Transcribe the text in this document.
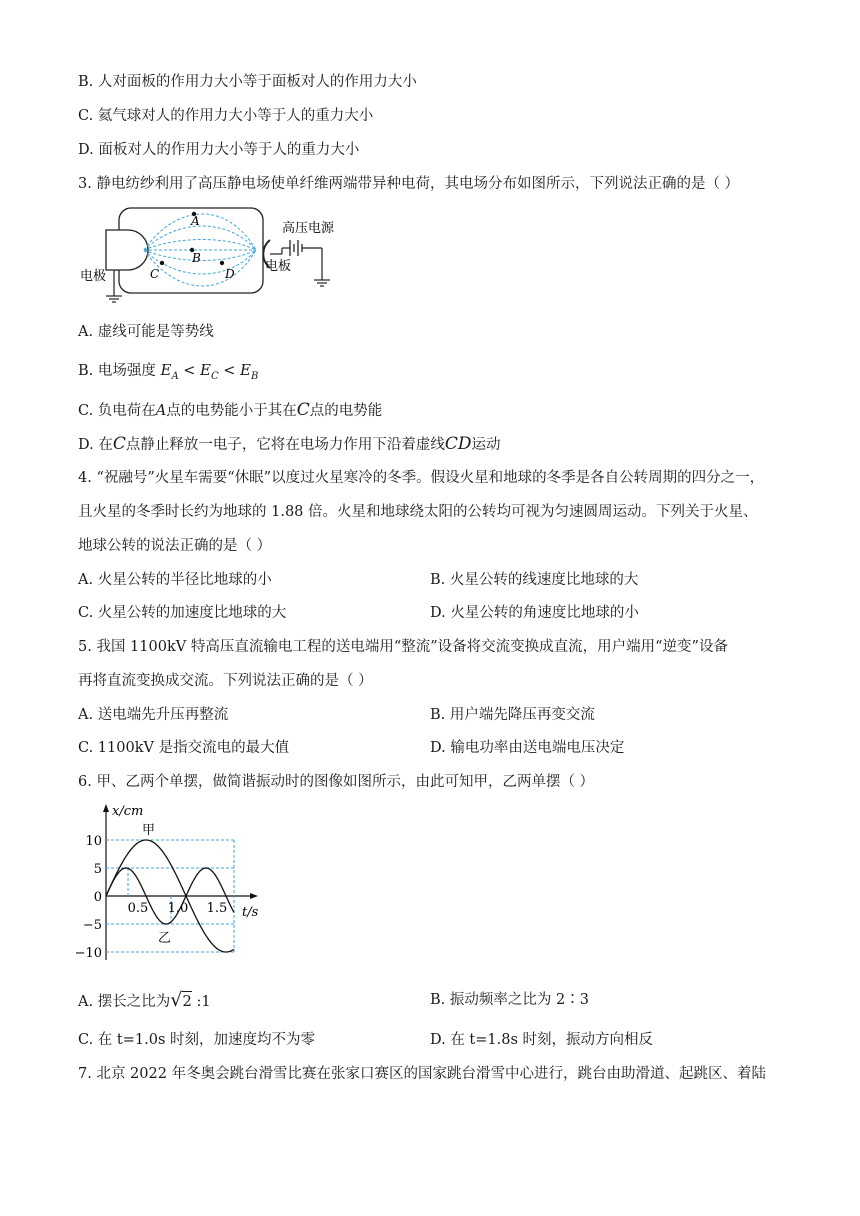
B. 人对面板的作用力大小等于面板对人的作用力大小
C. 氦气球对人的作用力大小等于人的重力大小
D. 面板对人的作用力大小等于人的重力大小
3. 静电纺纱利用了高压静电场使单纤维两端带异种电荷，其电场分布如图所示，下列说法正确的是（ ）
A
B
C	D
电极
电板
高压电源
A. 虚线可能是等势线
B. 电场强度 $E_A < E_C < E_B$
C. 负电荷在A点的电势能小于其在C点的电势能
D. 在C点静止释放一电子，它将在电场力作用下沿着虚线CD运动
4. “祝融号”火星车需要“休眠”以度过火星寒冷的冬季。假设火星和地球的冬季是各自公转周期的四分之一，
且火星的冬季时长约为地球的 1.88 倍。火星和地球绕太阳的公转均可视为匀速圆周运动。下列关于火星、
地球公转的说法正确的是（ ）
A. 火星公转的半径比地球的小	B. 火星公转的线速度比地球的大
C. 火星公转的加速度比地球的大	D. 火星公转的角速度比地球的小
5. 我国 1100kV 特高压直流输电工程的送电端用“整流”设备将交流变换成直流，用户端用“逆变”设备
再将直流变换成交流。下列说法正确的是（ ）
A. 送电端先升压再整流	B. 用户端先降压再变交流
C. 1100kV 是指交流电的最大值	D. 输电功率由送电端电压决定
6. 甲、乙两个单摆，做简谐振动时的图像如图所示，由此可知甲，乙两单摆（ ）
x/cm
t/s
10
5
0
−5
−10
0.5 1.0 1.5
甲
乙
A. 摆长之比为√2 :1	B. 振动频率之比为 2∶3
C. 在 t=1.0s 时刻，加速度均不为零	D. 在 t=1.8s 时刻，振动方向相反
7. 北京 2022 年冬奥会跳台滑雪比赛在张家口赛区的国家跳台滑雪中心进行，跳台由助滑道、起跳区、着陆
